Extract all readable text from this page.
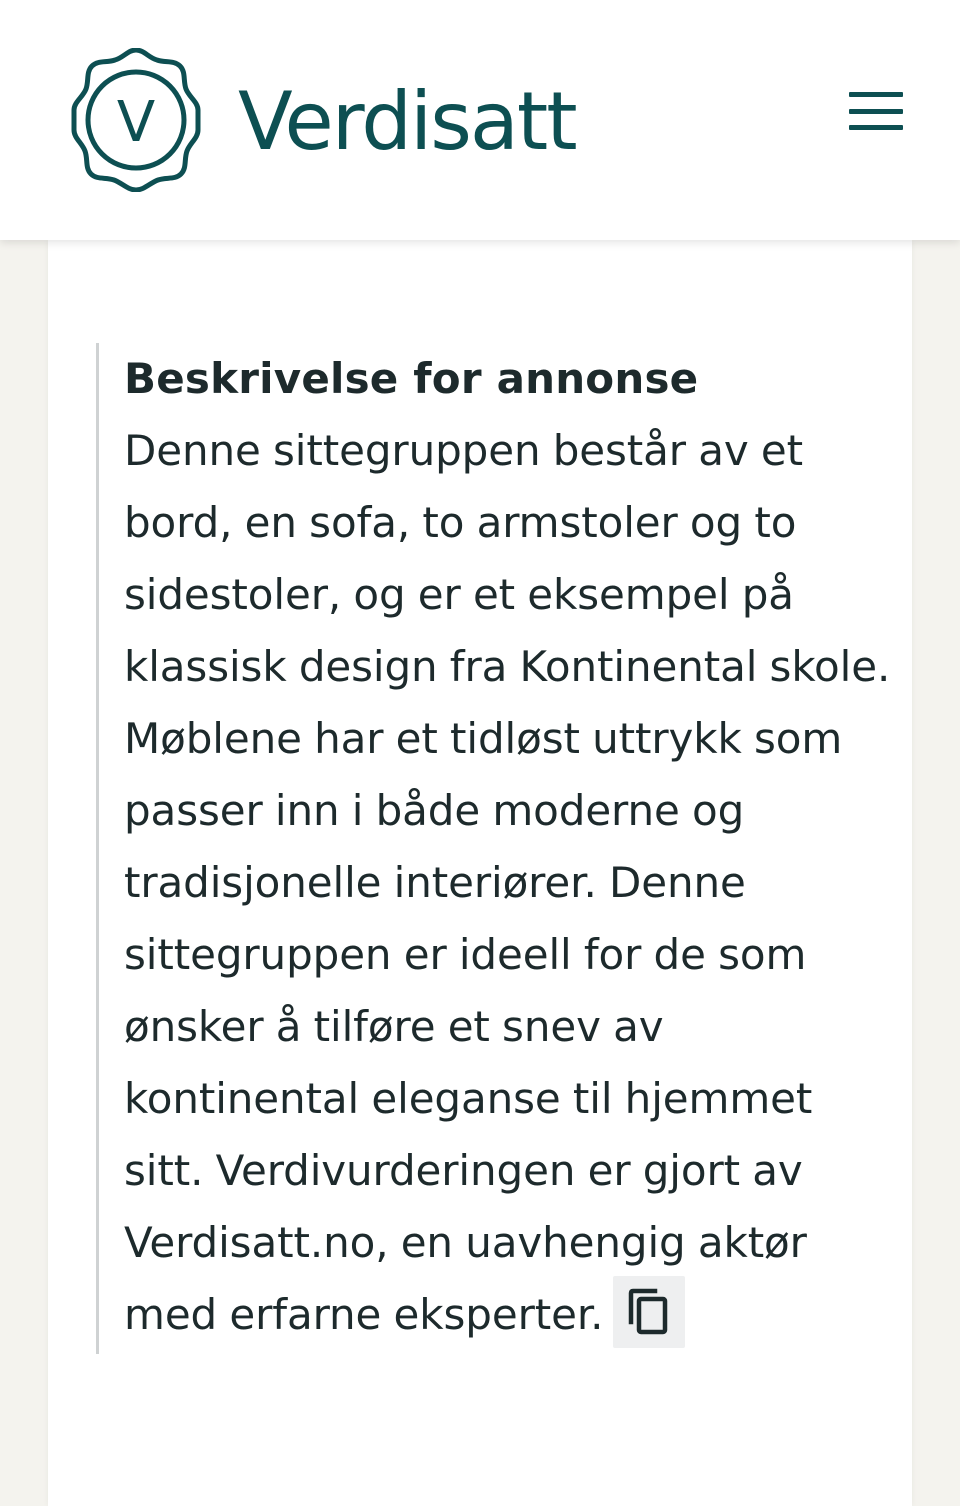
V Verdisatt
Beskrivelse for annonse

Denne sittegruppen består av et bord, en sofa, to armstoler og to sidestoler, og er et eksempel på klassisk design fra Kontinental skole. Møblene har et tidløst uttrykk som passer inn i både moderne og tradisjonelle interiører. Denne sittegruppen er ideell for de som ønsker å tilføre et snev av kontinental eleganse til hjemmet sitt. Verdivurderingen er gjort av Verdisatt.no, en uavhengig aktør med erfarne eksperter.
